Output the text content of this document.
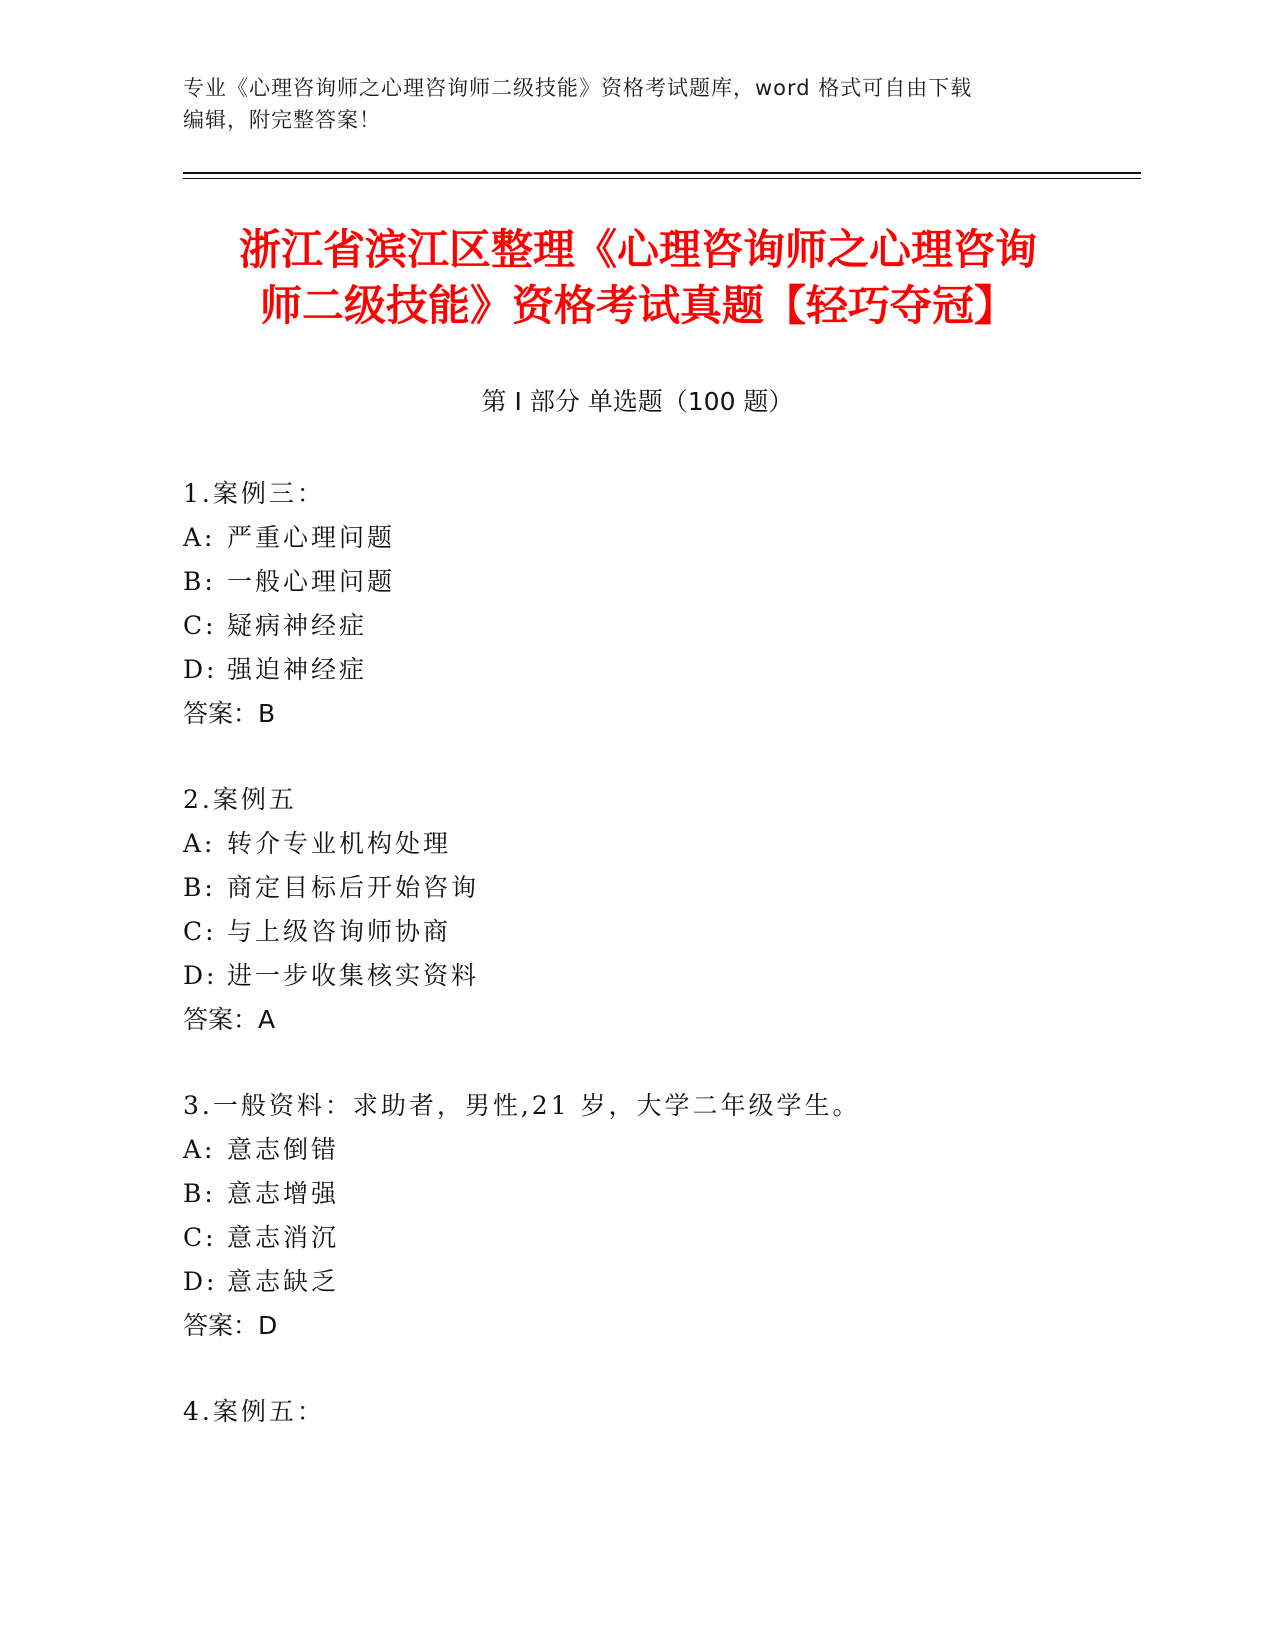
专业《心理咨询师之心理咨询师二级技能》资格考试题库，word 格式可自由下载
编辑，附完整答案！
浙江省滨江区整理《心理咨询师之心理咨询
师二级技能》资格考试真题【轻巧夺冠】
第 I 部分 单选题（100 题）
1.案例三：
A: 严重心理问题
B: 一般心理问题
C: 疑病神经症
D: 强迫神经症
答案：B
2.案例五
A: 转介专业机构处理
B: 商定目标后开始咨询
C: 与上级咨询师协商
D: 进一步收集核实资料
答案：A
3.一般资料：求助者，男性,21 岁，大学二年级学生。
A: 意志倒错
B: 意志增强
C: 意志消沉
D: 意志缺乏
答案：D
4.案例五：
